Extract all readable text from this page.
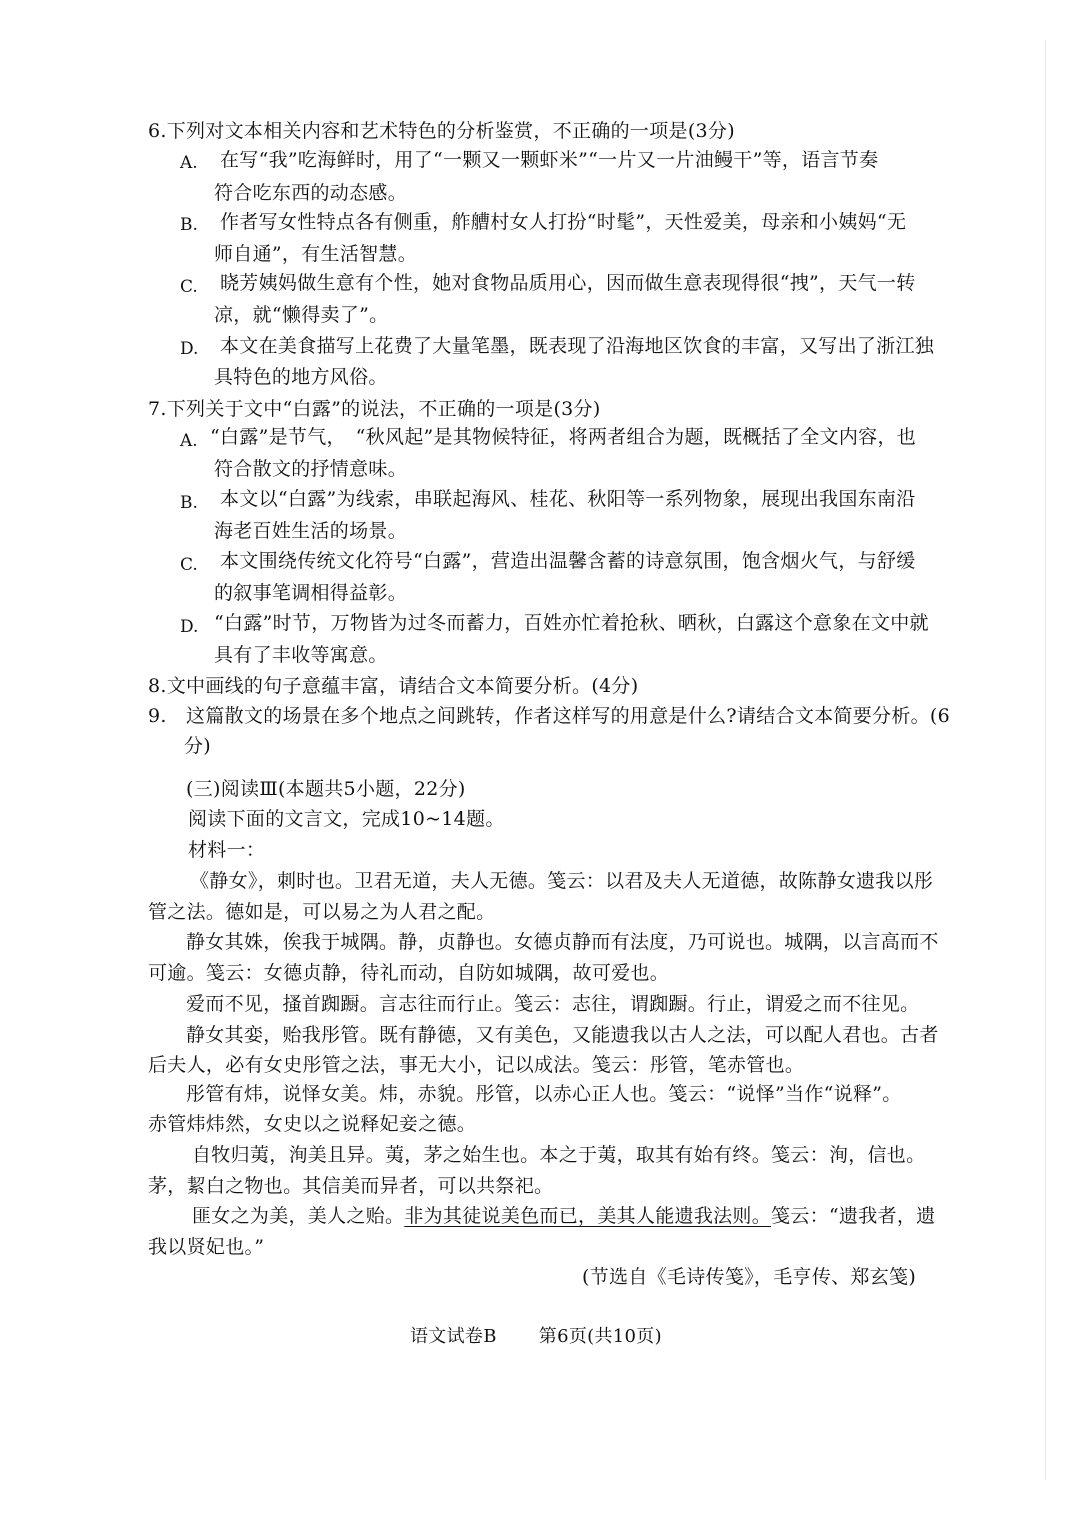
6.下列对文本相关内容和艺术特色的分析鉴赏，不正确的一项是(3分)
A. 在写“我”吃海鲜时，用了“一颗又一颗虾米”“一片又一片油鳗干”等，语言节奏
符合吃东西的动态感。
B. 作者写女性特点各有侧重，舴艚村女人打扮“时髦”，天性爱美，母亲和小姨妈“无
师自通”，有生活智慧。
C. 晓芳姨妈做生意有个性，她对食物品质用心，因而做生意表现得很“拽”，天气一转
凉，就“懒得卖了”。
D. 本文在美食描写上花费了大量笔墨，既表现了沿海地区饮食的丰富，又写出了浙江独
具特色的地方风俗。
7.下列关于文中“白露”的说法，不正确的一项是(3分)
A. “白露”是节气，　“秋风起”是其物候特征，将两者组合为题，既概括了全文内容，也
符合散文的抒情意味。
B. 本文以“白露”为线索，串联起海风、桂花、秋阳等一系列物象，展现出我国东南沿
海老百姓生活的场景。
C. 本文围绕传统文化符号“白露”，营造出温馨含蓄的诗意氛围，饱含烟火气，与舒缓
的叙事笔调相得益彰。
D. “白露”时节，万物皆为过冬而蓄力，百姓亦忙着抢秋、晒秋，白露这个意象在文中就
具有了丰收等寓意。
8.文中画线的句子意蕴丰富，请结合文本简要分析。(4分)
9.　这篇散文的场景在多个地点之间跳转，作者这样写的用意是什么?请结合文本简要分析。(6
分)
(三)阅读Ⅲ(本题共5小题，22分)
阅读下面的文言文，完成10~14题。
材料一：
《静女》，刺时也。卫君无道，夫人无德。笺云：以君及夫人无道德，故陈静女遗我以彤
管之法。德如是，可以易之为人君之配。
静女其姝，俟我于城隅。静，贞静也。女德贞静而有法度，乃可说也。城隅，以言高而不
可逾。笺云：女德贞静，待礼而动，自防如城隅，故可爱也。
爱而不见，搔首踟蹰。言志往而行止。笺云：志往，谓踟蹰。行止，谓爱之而不往见。
静女其娈，贻我彤管。既有静德，又有美色，又能遗我以古人之法，可以配人君也。古者
后夫人，必有女史彤管之法，事无大小，记以成法。笺云：彤管，笔赤管也。
彤管有炜，说怿女美。炜，赤貌。彤管，以赤心正人也。笺云：“说怿”当作“说释”。
赤管炜炜然，女史以之说释妃妾之德。
自牧归荑，洵美且异。荑，茅之始生也。本之于荑，取其有始有终。笺云：洵，信也。
茅，絜白之物也。其信美而异者，可以共祭祀。
匪女之为美，美人之贻。非为其徒说美色而已，美其人能遗我法则。笺云：“遗我者，遗
我以贤妃也。”
(节选自《毛诗传笺》，毛亨传、郑玄笺)
语文试卷B 第6页(共10页)
